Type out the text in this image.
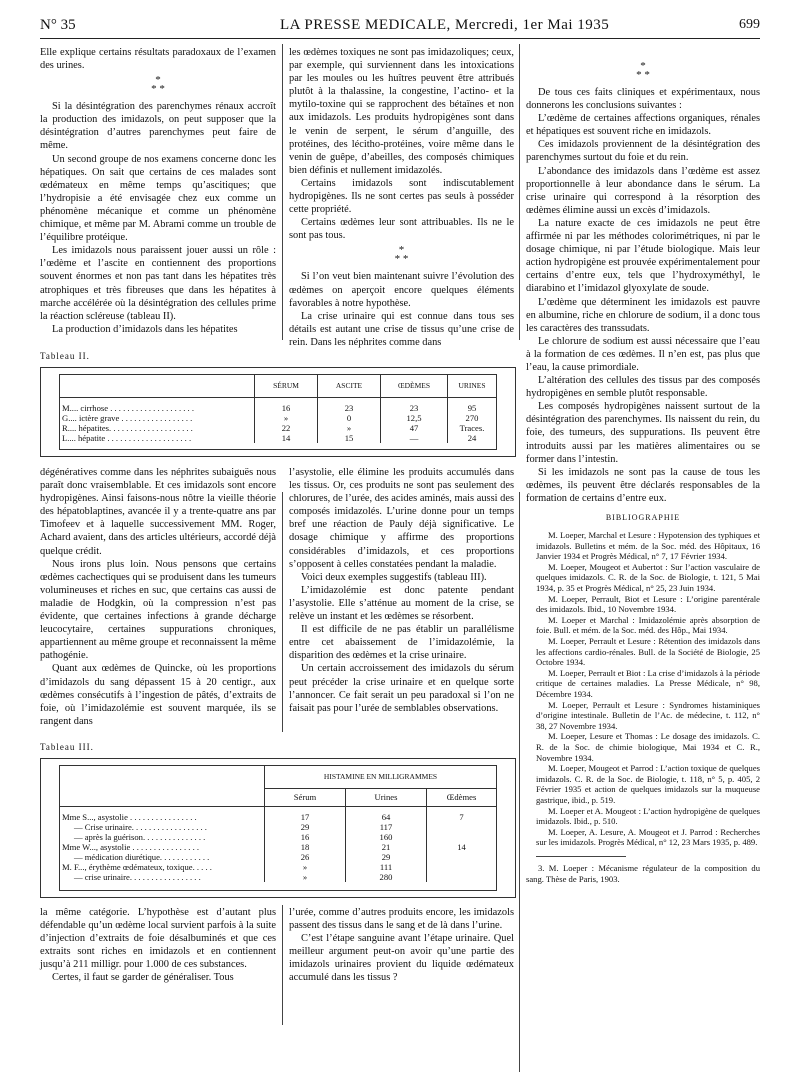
N° 35	LA PRESSE MEDICALE, Mercredi, 1er Mai 1935	699

Elle explique certains résultats paradoxaux de l’examen des urines.

*
* *

Si la désintégration des parenchymes rénaux accroît la production des imidazols, on peut supposer que la désintégration d’autres parenchymes peut faire de même.

Un second groupe de nos examens concerne donc les hépatiques. On sait que certains de ces malades sont œdémateux en même temps qu’ascitiques; que l’hydropisie a été envisagée chez eux comme un phénomène mécanique et comme un phénomène chimique, et même par M. Abrami comme un trouble de l’équilibre protéique.

Les imidazols nous paraissent jouer aussi un rôle : l’œdème et l’ascite en contiennent des proportions souvent énormes et non pas tant dans les hépatites très atrophiques et très fibreuses que dans les hépatites à marche accélérée où la désintégration des cellules prime la réaction scléreuse (tableau II).

La production d’imidazols dans les hépatites

les œdèmes toxiques ne sont pas imidazoliques; ceux, par exemple, qui surviennent dans les intoxications par les moules ou les huîtres peuvent être attribués plutôt à la thalassine, la congestine, l’actino- et la mytilo-toxine qui se rapprochent des bétaïnes et non aux imidazols. Les produits hydropigènes sont dans le venin de serpent, le sérum d’anguille, des protéines, des lécitho-protéines, voire même dans le venin de guêpe, d’abeilles, des composés chimiques bien définis et nullement imidazolés.

Certains imidazols sont indiscutablement hydropigènes. Ils ne sont certes pas seuls à posséder cette propriété.

Certains œdèmes leur sont attribuables. Ils ne le sont pas tous.

*
* *

Si l’on veut bien maintenant suivre l’évolution des œdèmes on aperçoit encore quelques éléments favorables à notre hypothèse.

La crise urinaire qui est connue dans tous ses détails est autant une crise de tissus qu’une crise de rein. Dans les néphrites comme dans

*
* *

De tous ces faits cliniques et expérimentaux, nous donnerons les conclusions suivantes :

L’œdème de certaines affections organiques, rénales et hépatiques est souvent riche en imidazols.

Ces imidazols proviennent de la désintégration des parenchymes surtout du foie et du rein.

L’abondance des imidazols dans l’œdème est assez proportionnelle à leur abondance dans le sérum. La crise urinaire qui correspond à la résorption des œdèmes élimine aussi un excès d’imidazols.

La nature exacte de ces imidazols ne peut être affirmée ni par les méthodes colorimétriques, ni par le dosage chimique, ni par l’étude biologique. Mais leur action hydropigène est prouvée expérimentalement pour certains d’entre eux, tels que l’hydroxyméthyl, le diarabino et l’imidazol glyoxylate de soude.

L’œdème que déterminent les imidazols est pauvre en albumine, riche en chlorure de sodium, il a donc tous les caractères des transsudats.

Le chlorure de sodium est aussi nécessaire que l’eau à la formation de ces œdèmes. Il n’en est, pas plus que l’eau, la cause primordiale.

L’altération des cellules des tissus par des composés hydropigènes en semble plutôt responsable.

Les composés hydropigènes naissent surtout de la désintégration des parenchymes. Ils naissent du rein, du foie, des tumeurs, des suppurations. Ils peuvent être introduits aussi par les matières alimentaires ou se former dans l’intestin.

Si les imidazols ne sont pas la cause de tous les œdèmes, ils peuvent être déclarés responsables de la formation de certains d’entre eux.

BIBLIOGRAPHIE

M. Loeper, Marchal et Lesure : Hypotension des typhiques et imidazols. Bulletins et mém. de la Soc. méd. des Hôpitaux, 16 Janvier 1934 et Progrès Médical, n° 7, 17 Février 1934.

M. Loeper, Mougeot et Aubertot : Sur l’action vasculaire de quelques imidazols. C. R. de la Soc. de Biologie, t. 121, 5 Mai 1934, p. 35 et Progrès Médical, n° 25, 23 Juin 1934.

M. Loeper, Perrault, Biot et Lesure : L’origine parentérale des imidazols. Ibid., 10 Novembre 1934.

M. Loeper et Marchal : Imidazolémie après absorption de foie. Bull. et mém. de la Soc. méd. des Hôp., Mai 1934.

M. Loeper, Perrault et Lesure : Rétention des imidazols dans les affections cardio-rénales. Bull. de la Société de Biologie, 25 Octobre 1934.

M. Loeper, Perrault et Biot : La crise d’imidazols à la période critique de certaines maladies. La Presse Médicale, n° 98, Décembre 1934.

M. Loeper, Perrault et Lesure : Syndromes histaminiques d’origine intestinale. Bulletin de l’Ac. de médecine, t. 112, n° 38, 27 Novembre 1934.

M. Loeper, Lesure et Thomas : Le dosage des imidazols. C. R. de la Soc. de chimie biologique, Mai 1934 et C. R., Novembre 1934.

M. Loeper, Mougeot et Parrod : L’action toxique de quelques imidazols. C. R. de la Soc. de Biologie, t. 118, n° 5, p. 405, 2 Février 1935 et action de quelques imidazols sur la muqueuse gastrique, ibid., p. 519.

M. Loeper et A. Mougeot : L’action hydropigène de quelques imidazols. Ibid., p. 510.

M. Loeper, A. Lesure, A. Mougeot et J. Parrod : Recherches sur les imidazols. Progrès Médical, n° 12, 23 Mars 1935, p. 489.

3. M. Loeper : Mécanisme régulateur de la composition du sang. Thèse de Paris, 1903.

Tableau II.
	SÉRUM	ASCITE	ŒDÈMES	URINES

M.... cirrhose . . . . . . . . . . . . . . . . . . . .	16	23	23	95
G.... ictère grave . . . . . . . . . . . . . . . . .	»	0	12,5	270
R.... hépatites. . . . . . . . . . . . . . . . . . . .	22	»	47	Traces.
L.... hépatite . . . . . . . . . . . . . . . . . . . .	14	15	—	24

dégénératives comme dans les néphrites subaiguës nous paraît donc vraisemblable. Et ces imidazols sont encore hydropigènes. Ainsi faisons-nous nôtre la vieille théorie des hépatoblaptines, avancée il y a trente-quatre ans par Timofeev et à laquelle successivement MM. Roger, Achard avaient, dans des articles ultérieurs, accordé déjà quelque crédit.

Nous irons plus loin. Nous pensons que certains œdèmes cachectiques qui se produisent dans les tumeurs volumineuses et riches en suc, que certains cas aussi de maladie de Hodgkin, où la compression n’est pas évidente, que certaines infections à grande décharge leucocytaire, certaines suppurations chroniques, appartiennent au même groupe et reconnaissent la même pathogénie.

Quant aux œdèmes de Quincke, où les proportions d’imidazols du sang dépassent 15 à 20 centigr., aux œdèmes consécutifs à l’ingestion de pâtés, d’extraits de foie, où l’imidazolémie est souvent marquée, ils se rangent dans

l’asystolie, elle élimine les produits accumulés dans les tissus. Or, ces produits ne sont pas seulement des chlorures, de l’urée, des acides aminés, mais aussi des composés imidazolés. L’urine donne pour un temps bref une réaction de Pauly déjà significative. Le dosage chimique y affirme des proportions considérables d’imidazols, et ces proportions s’opposent à celles constatées pendant la maladie.

Voici deux exemples suggestifs (tableau III).

L’imidazolémie est donc patente pendant l’asystolie. Elle s’atténue au moment de la crise, se relève un instant et les œdèmes se résorbent.

Il est difficile de ne pas établir un parallélisme entre cet abaissement de l’imidazolémie, la disparition des œdèmes et la crise urinaire.

Un certain accroissement des imidazols du sérum peut précéder la crise urinaire et en quelque sorte l’annoncer. Ce fait serait un peu paradoxal si l’on ne faisait pas pour l’urée de semblables observations.

Tableau III.
	HISTAMINE EN MILLIGRAMMES		
	Sérum	Urines	Œdèmes

Mme S..., asystolie . . . . . . . . . . . . . . . .	17	64	7
— Crise urinaire. . . . . . . . . . . . . . . . . .	29	117	
— après la guérison. . . . . . . . . . . . . . .	16	160	
Mme W..., asystolie . . . . . . . . . . . . . . . .	18	21	14
— médication diurétique. . . . . . . . . . . .	26	29	
M. F..., érythème œdémateux, toxique. . . . .	»	111	
— crise urinaire. . . . . . . . . . . . . . . . .	»	280	

la même catégorie. L’hypothèse est d’autant plus défendable qu’un œdème local survient parfois à la suite d’injection d’extraits de foie désalbuminés et que ces extraits sont riches en imidazols et en contiennent jusqu’à 211 milligr. pour 1.000 de ces substances.

Certes, il faut se garder de généraliser. Tous

l’urée, comme d’autres produits encore, les imidazols passent des tissus dans le sang et de là dans l’urine.

C’est l’étape sanguine avant l’étape urinaire. Quel meilleur argument peut-on avoir qu’une partie des imidazols urinaires provient du liquide œdémateux accumulé dans les tissus ?
